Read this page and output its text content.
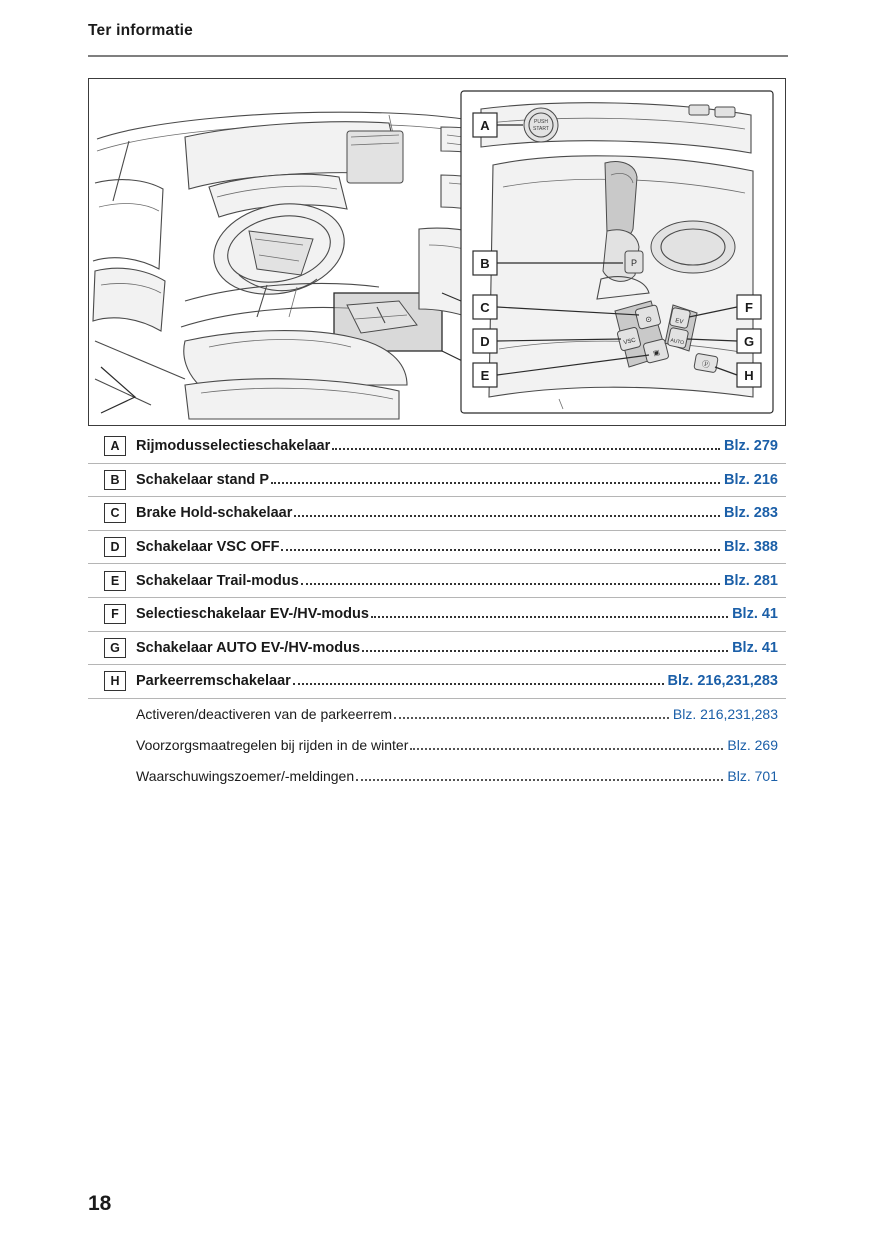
Ter informatie
PUSH
START
P
⊙
VSC
▣
EV
AUTO
Ⓟ
A
B
C
D
E
F
G
H
A	Rijmodusselectieschakelaar	Blz. 279
B	Schakelaar stand P	Blz. 216
C	Brake Hold-schakelaar	Blz. 283
D	Schakelaar VSC OFF	Blz. 388
E	Schakelaar Trail-modus	Blz. 281
F	Selectieschakelaar EV-/HV-modus	Blz. 41
G	Schakelaar AUTO EV-/HV-modus	Blz. 41
H	Parkeerremschakelaar	Blz. 216,231,283
Activeren/deactiveren van de parkeerrem	Blz. 216,231,283
Voorzorgsmaatregelen bij rijden in de winter	Blz. 269
Waarschuwingszoemer/-meldingen	Blz. 701
18
